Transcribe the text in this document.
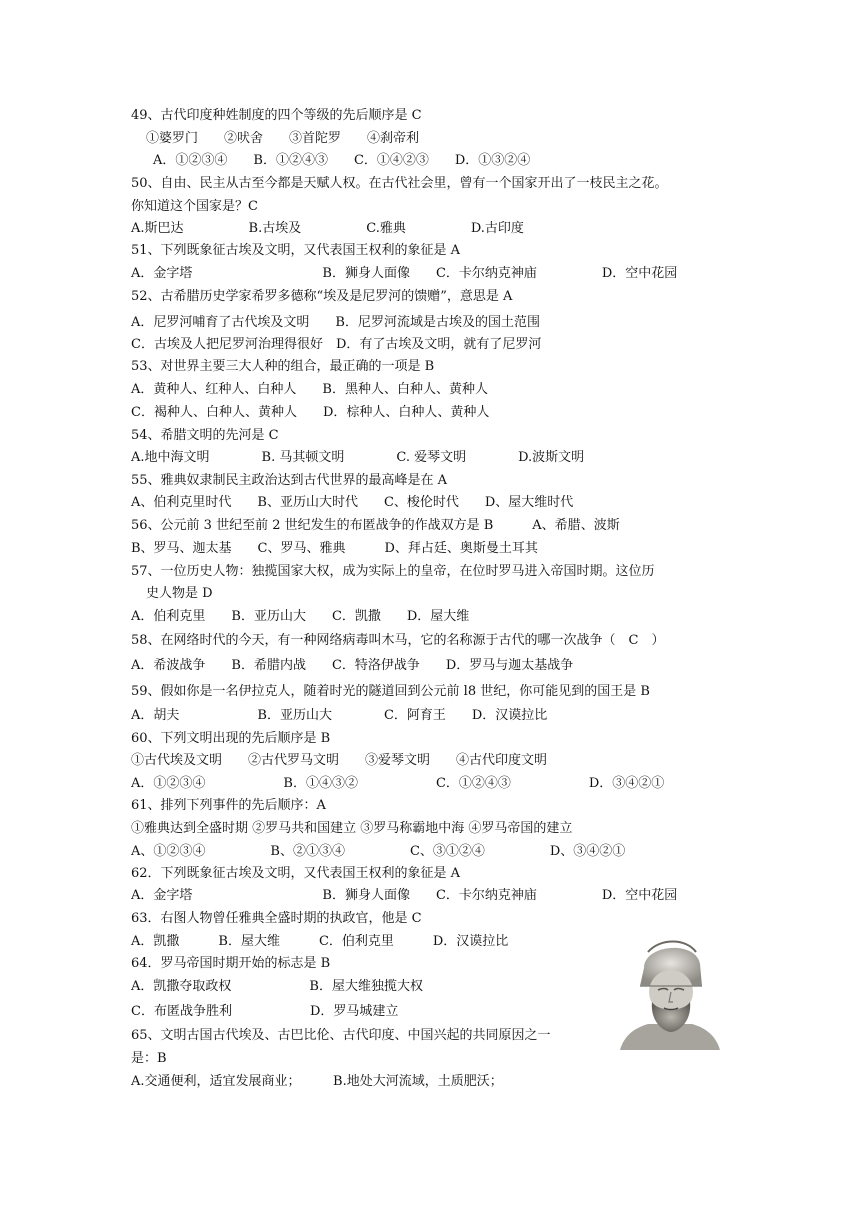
49、古代印度种姓制度的四个等级的先后顺序是 C
①婆罗门　　②吠舍　　③首陀罗　　④刹帝利
A．①②③④　　B．①②④③　　C．①④②③　　D．①③②④
50、自由、民主从古至今都是天赋人权。在古代社会里，曾有一个国家开出了一枝民主之花。
你知道这个国家是？C
A.斯巴达　　　　　B.古埃及　　　　　C.雅典　　　　　D.古印度
51、下列既象征古埃及文明，又代表国王权利的象征是 A
A．金字塔　　　　　　　　　　B．狮身人面像　　C．卡尔纳克神庙　　　　　D．空中花园
52、古希腊历史学家希罗多德称“埃及是尼罗河的馈赠”，意思是 A
A．尼罗河哺育了古代埃及文明　　B．尼罗河流域是古埃及的国土范围
C．古埃及人把尼罗河治理得很好　D．有了古埃及文明，就有了尼罗河
53、对世界主要三大人种的组合，最正确的一项是 B
A．黄种人、红种人、白种人　　B．黑种人、白种人、黄种人
C．褐种人、白种人、黄种人　　D．棕种人、白种人、黄种人
54、希腊文明的先河是 C
A.地中海文明　　　　B. 马其顿文明　　　　C. 爱琴文明　　　　D.波斯文明
55、雅典奴隶制民主政治达到古代世界的最高峰是在 A
A、伯利克里时代　　B、亚历山大时代　　C、梭伦时代　　D、屋大维时代
56、公元前 3 世纪至前 2 世纪发生的布匿战争的作战双方是 B　　　A、希腊、波斯
B、罗马、迦太基　　C、罗马、雅典　　　D、拜占廷、奥斯曼土耳其
57、一位历史人物：独揽国家大权，成为实际上的皇帝，在位时罗马进入帝国时期。这位历
史人物是 D
A．伯利克里　　B．亚历山大　　C．凯撒　　D．屋大维
58、在网络时代的今天，有一种网络病毒叫木马，它的名称源于古代的哪一次战争（　C　）
A．希波战争　　B．希腊内战　　C．特洛伊战争　　D．罗马与迦太基战争
59、假如你是一名伊拉克人，随着时光的隧道回到公元前 l8 世纪，你可能见到的国王是 B
A．胡夫　　　　　　B．亚历山大　　　　C．阿育王　　D．汉谟拉比
60、下列文明出现的先后顺序是 B
①古代埃及文明　　②古代罗马文明　　③爱琴文明　　④古代印度文明
A．①②③④　　　　　　B．①④③②　　　　　　C．①②④③　　　　　　D．③④②①
61、排列下列事件的先后顺序：A
①雅典达到全盛时期 ②罗马共和国建立 ③罗马称霸地中海 ④罗马帝国的建立
A、①②③④　　　　　B、②①③④　　　　　C、③①②④　　　　　D、③④②①
62．下列既象征古埃及文明，又代表国王权利的象征是 A
A．金字塔　　　　　　　　　　B．狮身人面像　　C．卡尔纳克神庙　　　　　D．空中花园
63．右图人物曾任雅典全盛时期的执政官，他是 C
A．凯撒　　　B．屋大维　　　C．伯利克里　　　D．汉谟拉比
64．罗马帝国时期开始的标志是 B
A．凯撒夺取政权　　　　　　B．屋大维独揽大权
C．布匿战争胜利　　　　　　D．罗马城建立
65、文明古国古代埃及、古巴比伦、古代印度、中国兴起的共同原因之一
是：B
A.交通便利，适宜发展商业；　　　B.地处大河流域，土质肥沃；
